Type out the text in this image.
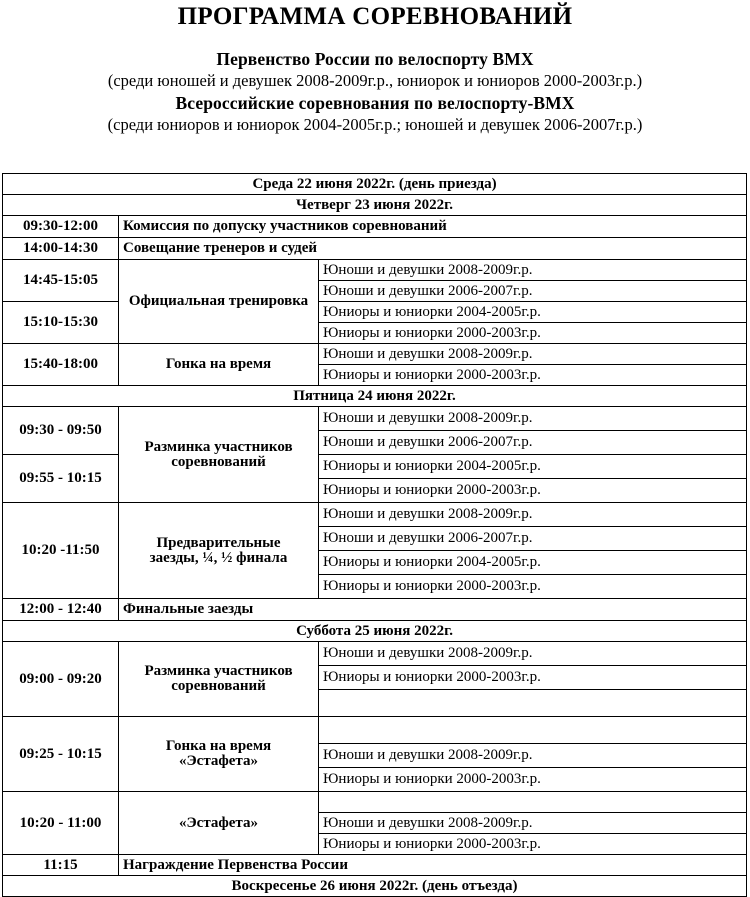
ПРОГРАММА СОРЕВНОВАНИЙ
Первенство России по велоспорту BMX
(среди юношей и девушек 2008-2009г.р., юниорок и юниоров 2000-2003г.р.)
Всероссийские соревнования по велоспорту-BMX
(среди юниоров и юниорок 2004-2005г.р.; юношей и девушек 2006-2007г.р.)
Среда 22 июня 2022г. (день приезда)		
Четверг 23 июня 2022г.		
09:30-12:00	Комиссия по допуску участников соревнований	
14:00-14:30	Совещание тренеров и судей	
14:45-15:05	Официальная тренировка	Юноши и девушки 2008-2009г.р.
		Юноши и девушки 2006-2007г.р.
15:10-15:30		Юниоры и юниорки 2004-2005г.р.
		Юниоры и юниорки 2000-2003г.р.
15:40-18:00	Гонка на время	Юноши и девушки 2008-2009г.р.
		Юниоры и юниорки 2000-2003г.р.
Пятница 24 июня 2022г.		
09:30 - 09:50	Разминка участников соревнований	Юноши и девушки 2008-2009г.р.
		Юноши и девушки 2006-2007г.р.
09:55 - 10:15		Юниоры и юниорки 2004-2005г.р.
		Юниоры и юниорки 2000-2003г.р.
10:20 -11:50	Предварительные
заезды, ¼, ½ финала	Юноши и девушки 2008-2009г.р.
		Юноши и девушки 2006-2007г.р.
		Юниоры и юниорки 2004-2005г.р.
		Юниоры и юниорки 2000-2003г.р.
12:00 - 12:40	Финальные заезды	
Суббота 25 июня 2022г.		
09:00 - 09:20	Разминка участников
соревнований	Юноши и девушки 2008-2009г.р.
		Юниоры и юниорки 2000-2003г.р.

09:25 - 10:15	Гонка на время
«Эстафета»	

		Юноши и девушки 2008-2009г.р.
		Юниоры и юниорки 2000-2003г.р.
10:20 - 11:00	«Эстафета»	
		Юноши и девушки 2008-2009г.р.
		Юниоры и юниорки 2000-2003г.р.
11:15	Награждение Первенства России	
Воскресенье 26 июня 2022г. (день отъезда)		
